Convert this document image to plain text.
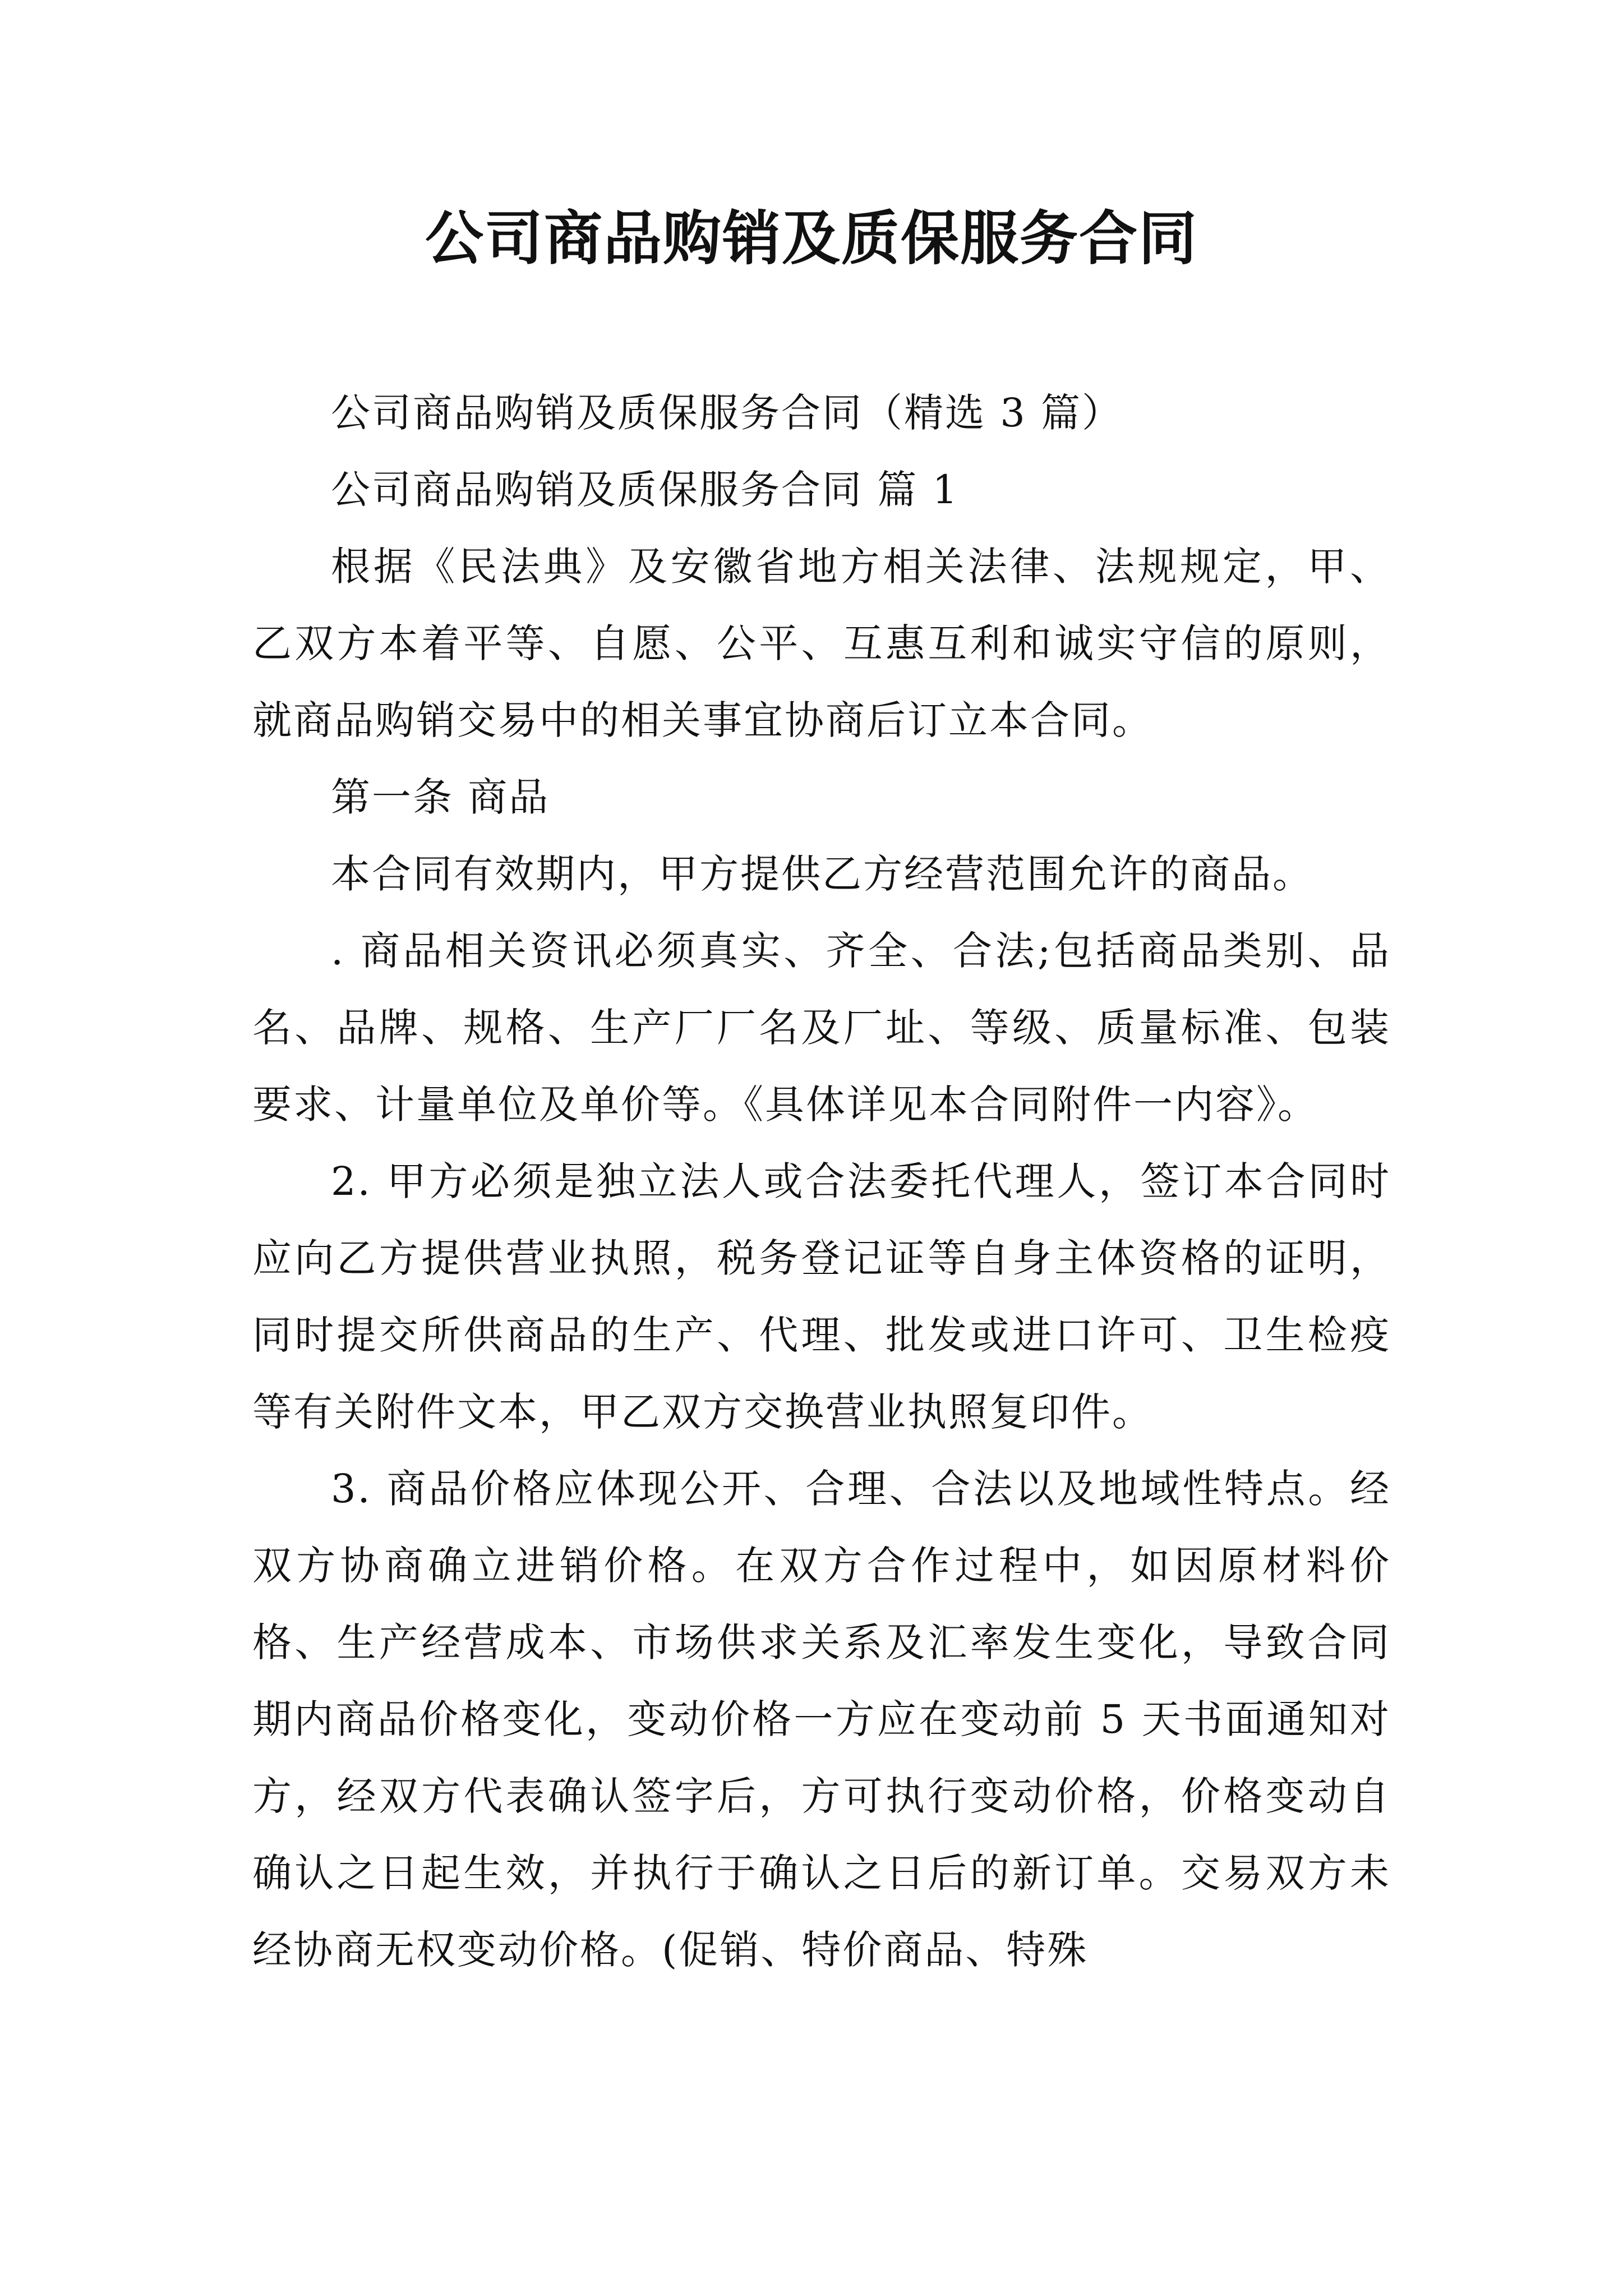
公司商品购销及质保服务合同

公司商品购销及质保服务合同（精选 3 篇）

公司商品购销及质保服务合同 篇 1

根据《民法典》及安徽省地方相关法律、法规规定，甲、乙双方本着平等、自愿、公平、互惠互利和诚实守信的原则，就商品购销交易中的相关事宜协商后订立本合同。

第一条 商品

本合同有效期内，甲方提供乙方经营范围允许的商品。

. 商品相关资讯必须真实、齐全、合法;包括商品类别、品名、品牌、规格、生产厂厂名及厂址、等级、质量标准、包装要求、计量单位及单价等。《具体详见本合同附件一内容》。

2. 甲方必须是独立法人或合法委托代理人，签订本合同时应向乙方提供营业执照，税务登记证等自身主体资格的证明，同时提交所供商品的生产、代理、批发或进口许可、卫生检疫等有关附件文本，甲乙双方交换营业执照复印件。

3. 商品价格应体现公开、合理、合法以及地域性特点。经双方协商确立进销价格。在双方合作过程中，如因原材料价格、生产经营成本、市场供求关系及汇率发生变化，导致合同期内商品价格变化，变动价格一方应在变动前 5 天书面通知对方，经双方代表确认签字后，方可执行变动价格，价格变动自确认之日起生效，并执行于确认之日后的新订单。交易双方未经协商无权变动价格。(促销、特价商品、特殊
